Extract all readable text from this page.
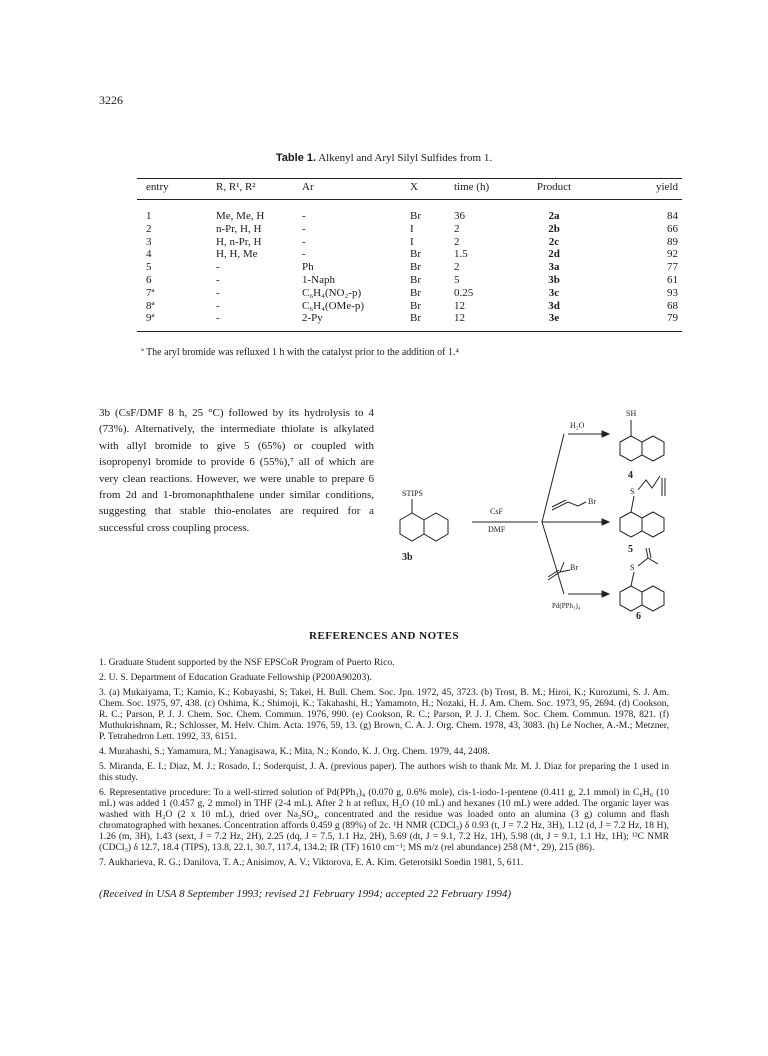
3226
Table 1. Alkenyl and Aryl Silyl Sulfides from 1.
entry	R, R¹, R²	Ar	X	time (h)	Product	yield
1	Me, Me, H	-	Br	36	2a	84
2	n-Pr, H, H	-	I	2	2b	66
3	H, n-Pr, H	-	I	2	2c	89
4	H, H, Me	-	Br	1.5	2d	92
5	-	Ph	Br	2	3a	77
6	-	1-Naph	Br	5	3b	61
7ª	-	C₆H₄(NO₂-p)	Br	0.25	3c	93
8ª	-	C₆H₄(OMe-p)	Br	12	3d	68
9ª	-	2-Py	Br	12	3e	79
ª The aryl bromide was refluxed 1 h with the catalyst prior to the addition of 1.⁴
3b (CsF/DMF 8 h, 25 °C) followed by its hydrolysis to 4 (73%). Alternatively, the intermediate thiolate is alkylated with allyl bromide to give 5 (65%) or coupled with isopropenyl bromide to provide 6 (55%),⁷ all of which are very clean reactions. However, we were unable to prepare 6 from 2d and 1-bromonaphthalene under similar conditions, suggesting that stable thio-enolates are required for a successful cross coupling process.
STIPS
3b
CsF
DMF
H₂O
Br
Br
Pd(PPh₃)₄
SH
4
S
5
S
6
REFERENCES AND NOTES

1. Graduate Student supported by the NSF EPSCoR Program of Puerto Rico.

2. U. S. Department of Education Graduate Fellowship (P200A90203).

3. (a) Mukaiyama, T.; Kamio, K.; Kobayashi, S; Takei, H. Bull. Chem. Soc. Jpn. 1972, 45, 3723. (b) Trost, B. M.; Hiroi, K.; Kurozumi, S. J. Am. Chem. Soc. 1975, 97, 438. (c) Oshima, K.; Shimoji, K.; Takahashi, H.; Yamamoto, H.; Nozaki, H. J. Am. Chem. Soc. 1973, 95, 2694. (d) Cookson, R. C.; Parson, P. J. J. Chem. Soc. Chem. Commun. 1976, 990. (e) Cookson, R. C.; Parson, P. J. J. Chem. Soc. Chem. Commun. 1978, 821. (f) Muthukrishnam, R.; Schlosser, M. Helv. Chim. Acta. 1976, 59, 13. (g) Brown, C. A. J. Org. Chem. 1978, 43, 3083. (h) Le Nocher, A.-M.; Metzner, P. Tetrahedron Lett. 1992, 33, 6151.

4. Murahashi, S.; Yamamura, M.; Yanagisawa, K.; Mita, N.; Kondo, K. J. Org. Chem. 1979, 44, 2408.

5. Miranda, E. I.; Diaz, M. J.; Rosado, I.; Soderquist, J. A. (previous paper). The authors wish to thank Mr. M. J. Diaz for preparing the 1 used in this study.

6. Representative procedure: To a well-stirred solution of Pd(PPh₃)₄ (0.070 g, 0.6% mole), cis-1-iodo-1-pentene (0.411 g, 2.1 mmol) in C₆H₆ (10 mL) was added 1 (0.457 g, 2 mmol) in THF (2-4 mL). After 2 h at reflux, H₂O (10 mL) and hexanes (10 mL) were added. The organic layer was washed with H₂O (2 x 10 mL), dried over Na₂SO₄, concentrated and the residue was loaded onto an alumina (3 g) column and flash chromatographed with hexanes. Concentration affords 0.459 g (89%) of 2c. ¹H NMR (CDCl₃) δ 0.93 (t, J = 7.2 Hz, 3H), 1.12 (d, J = 7.2 Hz, 18 H), 1.26 (m, 3H), 1.43 (sext, J = 7.2 Hz, 2H), 2.25 (dq, J = 7.5, 1.1 Hz, 2H), 5.69 (dt, J = 9.1, 7.2 Hz, 1H), 5.98 (dt, J = 9.1, 1.1 Hz, 1H); ¹³C NMR (CDCl₃) δ 12.7, 18.4 (TIPS), 13.8, 22.1, 30.7, 117.4, 134.2; IR (TF) 1610 cm⁻¹; MS m/z (rel abundance) 258 (M⁺, 29), 215 (86).

7. Aukharieva, R. G.; Danilova, T. A.; Anisimov, A. V.; Viktorova, E. A. Kim. Geterotsikl Soedin 1981, 5, 611.

(Received in USA 8 September 1993; revised 21 February 1994; accepted 22 February 1994)
